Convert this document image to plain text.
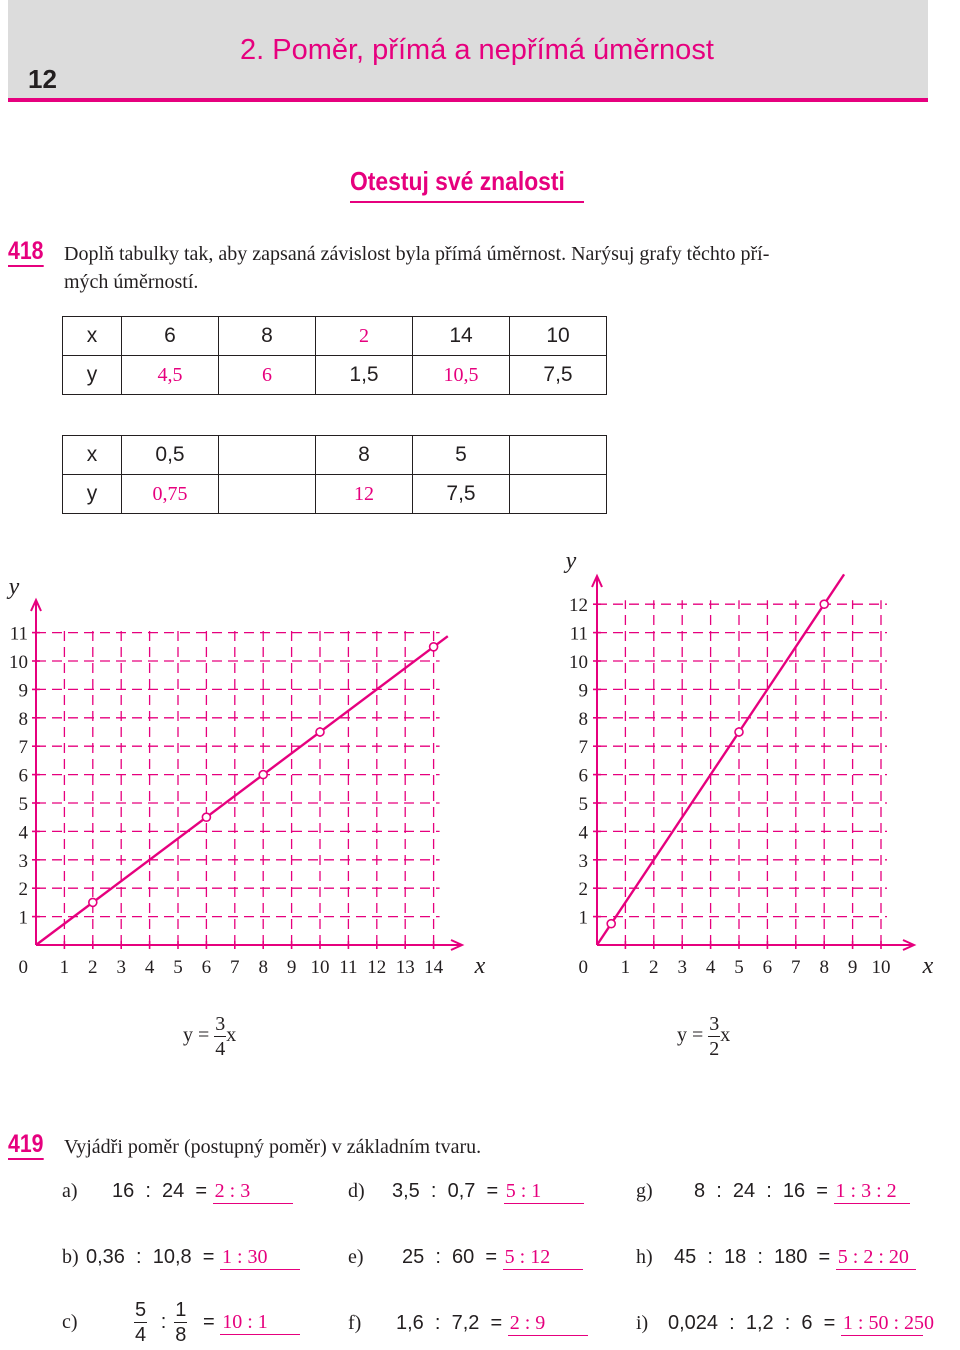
12
2. Poměr, přímá a nepřímá úměrnost
Otestuj své znalosti
418 Doplň tabulky tak, aby zapsaná závislost byla přímá úměrnost. Narýsuj grafy těchto pří-
mých úměrností.
x	6	8	2	14	10
y	4,5	6	1,5	10,5	7,5
x	0,5		8	5	
y	0,75		12	7,5	
1 2 3 4 5 6 7 8 9 10 11 12 13 14
1
2
3
4
5
6
7
8
9
10
11
0
y
x	1 2 3 4 5 6 7 8 9 10
1
2
3
4
5
6
7
8
9
10
11
12
0
y
x
$y = \frac{3}{4}$ x	$y = \frac{3}{2}$ x
419 Vyjádři poměr (postupný poměr) v základním tvaru.
a) 16  :  24  = 2 : 3	d) 3,5  :  0,7  = 5 : 1	g) 8  :  24  :  16  = 1 : 3 : 2
b) 0,36  :  10,8  = 1 : 30	e) 25  :  60  = 5 : 12	h) 45  :  18  :  180  = 5 : 2 : 20
c)	$\frac{5}{4}$ : $\frac{1}{8} = 10$ : 1	f) 1,6  :  7,2  = 2 : 9	i) 0,024  :  1,2  :  6  = 1 : 50 : 250
